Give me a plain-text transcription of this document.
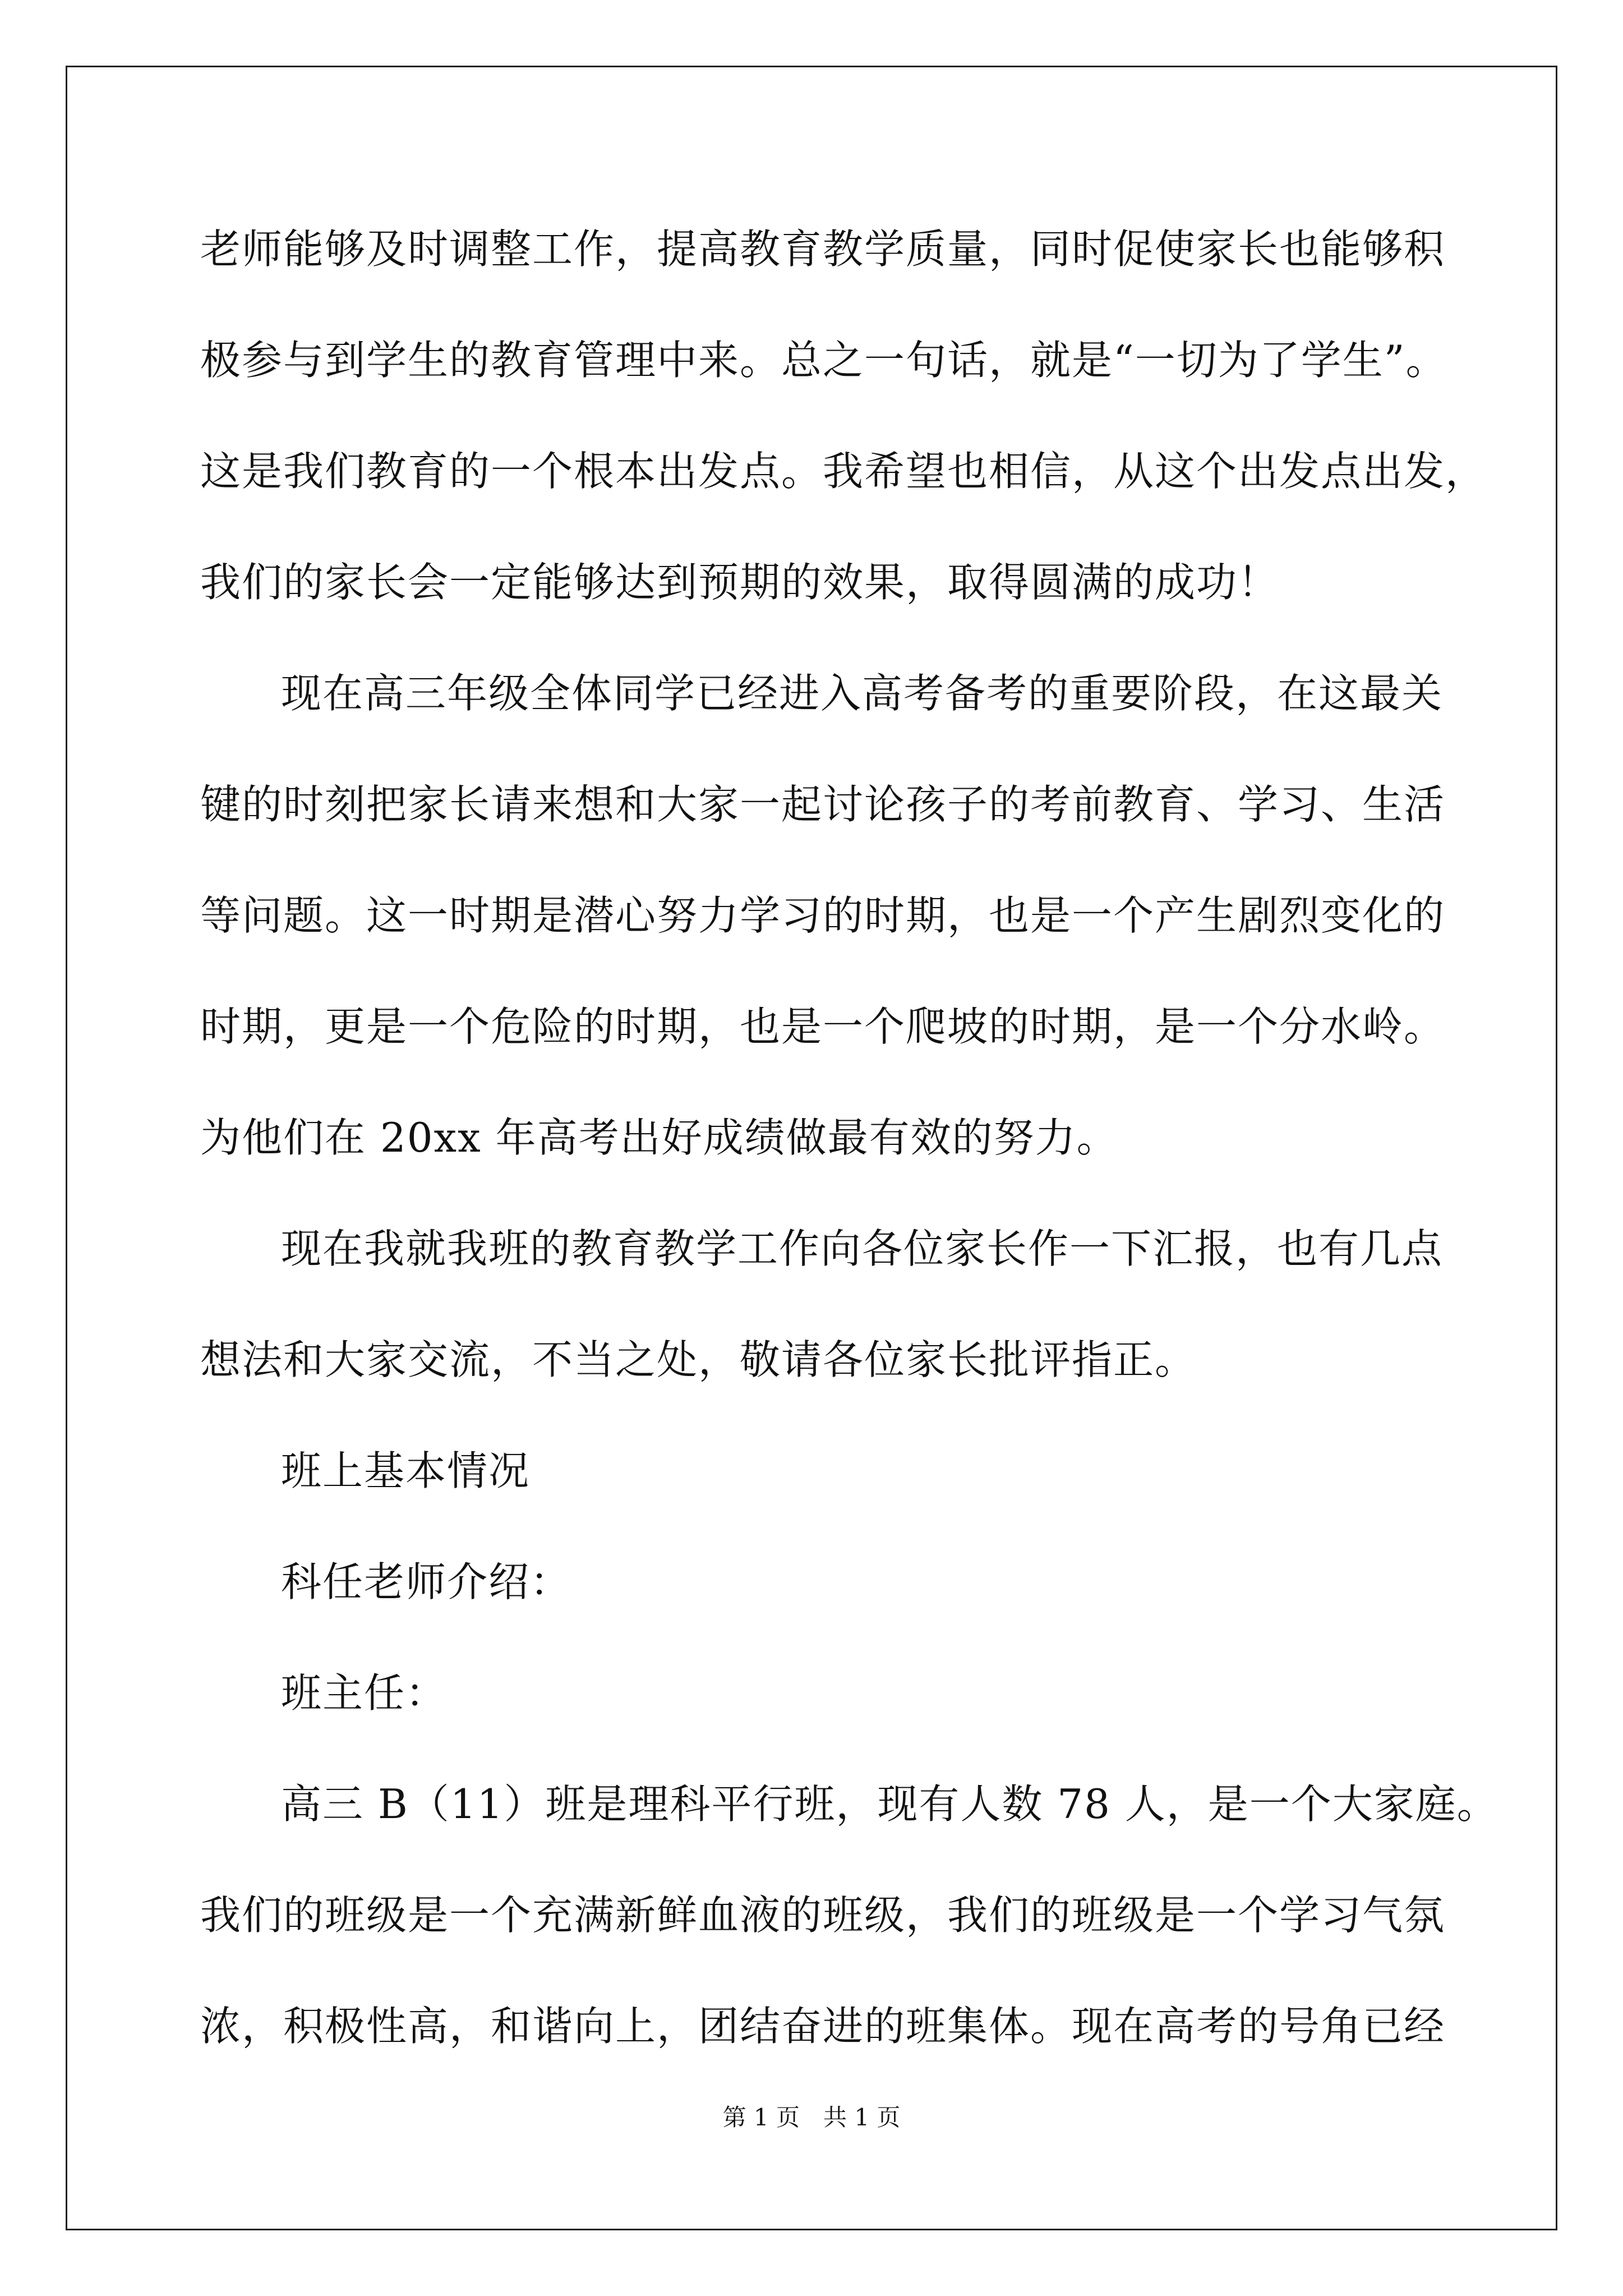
老师能够及时调整工作，提高教育教学质量，同时促使家长也能够积
极参与到学生的教育管理中来。总之一句话，就是“一切为了学生”。
这是我们教育的一个根本出发点。我希望也相信，从这个出发点出发，
我们的家长会一定能够达到预期的效果，取得圆满的成功！
现在高三年级全体同学已经进入高考备考的重要阶段，在这最关
键的时刻把家长请来想和大家一起讨论孩子的考前教育、学习、生活
等问题。这一时期是潜心努力学习的时期，也是一个产生剧烈变化的
时期，更是一个危险的时期，也是一个爬坡的时期，是一个分水岭。
为他们在 20xx 年高考出好成绩做最有效的努力。
现在我就我班的教育教学工作向各位家长作一下汇报，也有几点
想法和大家交流，不当之处，敬请各位家长批评指正。
班上基本情况
科任老师介绍：
班主任：
高三 B（11）班是理科平行班，现有人数 78 人，是一个大家庭。
我们的班级是一个充满新鲜血液的班级，我们的班级是一个学习气氛
浓，积极性高，和谐向上，团结奋进的班集体。现在高考的号角已经
第 1 页　共 1 页
